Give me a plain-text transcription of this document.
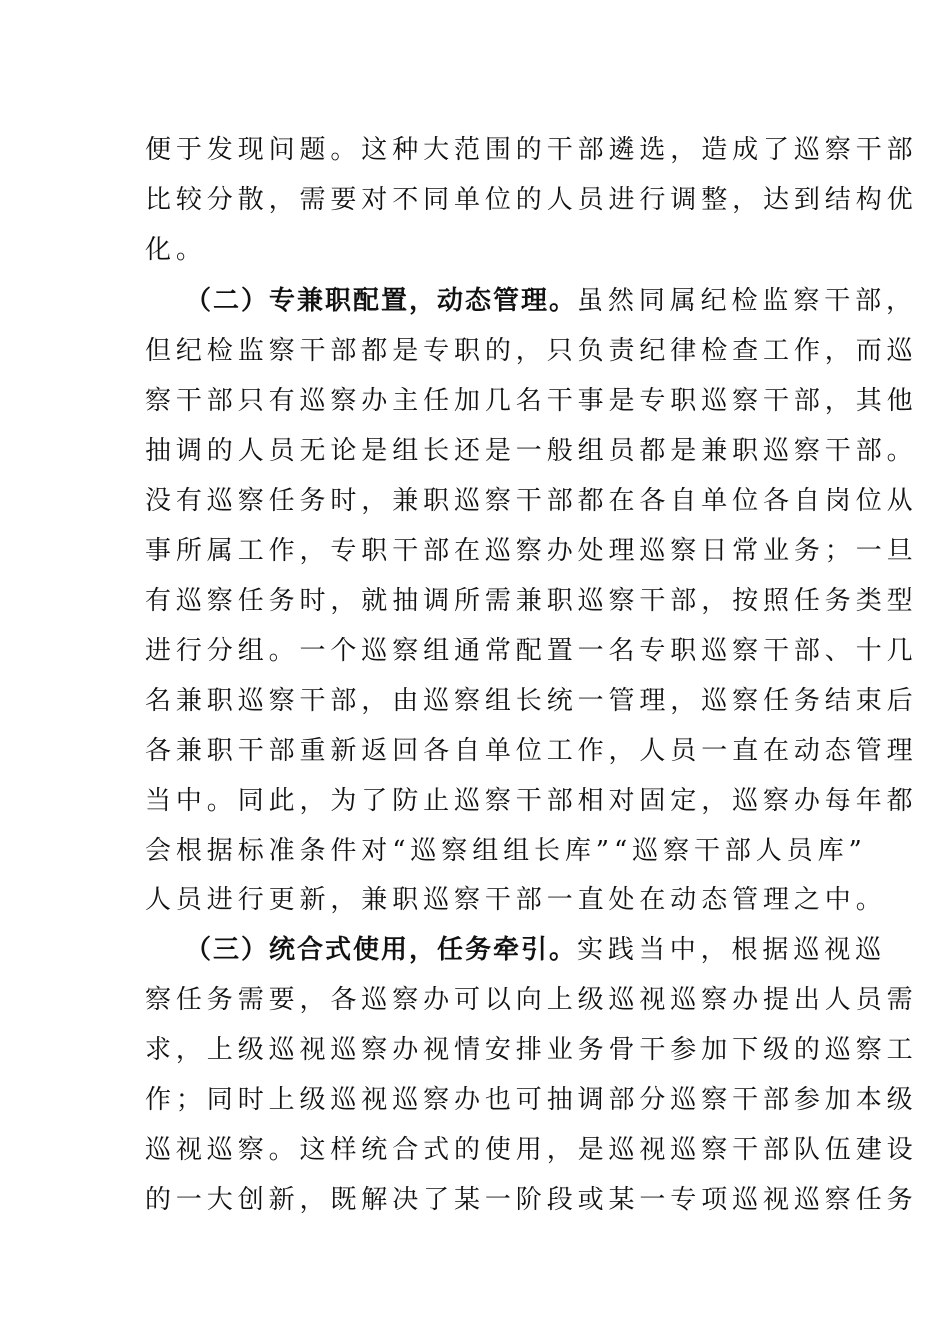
便于发现问题。这种大范围的干部遴选，造成了巡察干部
比较分散，需要对不同单位的人员进行调整，达到结构优
化。
（二）专兼职配置，动态管理。虽然同属纪检监察干部，
但纪检监察干部都是专职的，只负责纪律检查工作，而巡
察干部只有巡察办主任加几名干事是专职巡察干部，其他
抽调的人员无论是组长还是一般组员都是兼职巡察干部。
没有巡察任务时，兼职巡察干部都在各自单位各自岗位从
事所属工作，专职干部在巡察办处理巡察日常业务；一旦
有巡察任务时，就抽调所需兼职巡察干部，按照任务类型
进行分组。一个巡察组通常配置一名专职巡察干部、十几
名兼职巡察干部，由巡察组长统一管理，巡察任务结束后
各兼职干部重新返回各自单位工作，人员一直在动态管理
当中。同此，为了防止巡察干部相对固定，巡察办每年都
会根据标准条件对“巡察组组长库”“巡察干部人员库”
人员进行更新，兼职巡察干部一直处在动态管理之中。
（三）统合式使用，任务牵引。实践当中，根据巡视巡
察任务需要，各巡察办可以向上级巡视巡察办提出人员需
求，上级巡视巡察办视情安排业务骨干参加下级的巡察工
作；同时上级巡视巡察办也可抽调部分巡察干部参加本级
巡视巡察。这样统合式的使用，是巡视巡察干部队伍建设
的一大创新，既解决了某一阶段或某一专项巡视巡察任务
